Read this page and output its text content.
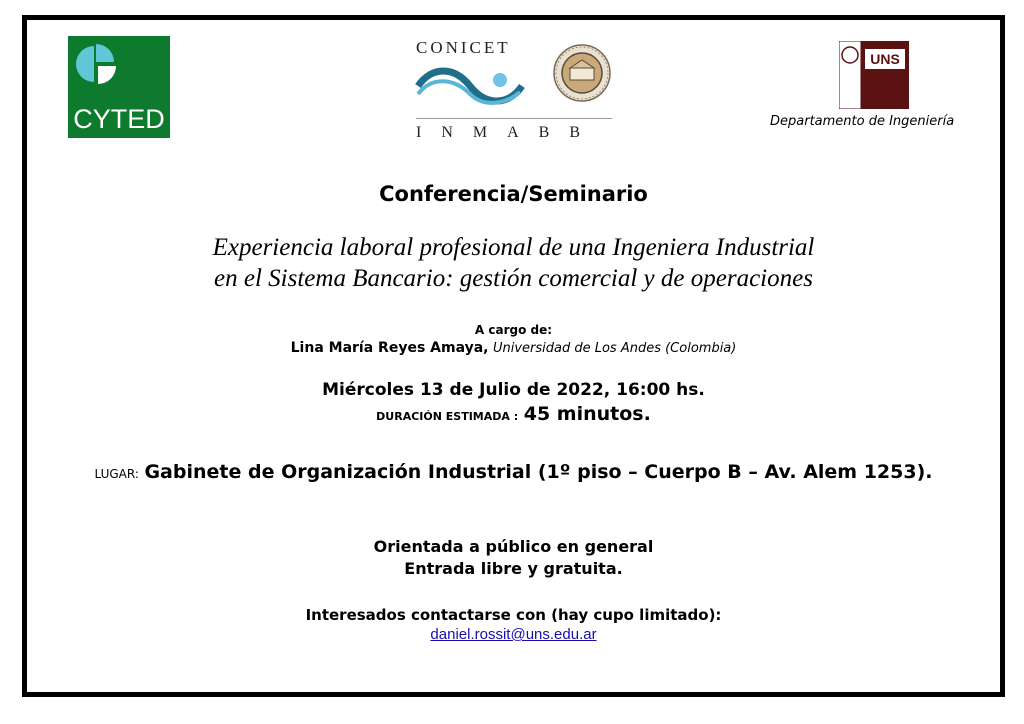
CYTED
CONICET
INMABB
UNS
Departamento de Ingeniería
Conferencia/Seminario
Experiencia laboral profesional de una Ingeniera Industrial
en el Sistema Bancario: gestión comercial y de operaciones
A cargo de:
Lina María Reyes Amaya, Universidad de Los Andes (Colombia)
Miércoles 13 de Julio de 2022, 16:00 hs.
DURACIÓN ESTIMADA : 45 minutos.
LUGAR: Gabinete de Organización Industrial (1º piso – Cuerpo B – Av. Alem 1253).
Orientada a público en general
Entrada libre y gratuita.
Interesados contactarse con (hay cupo limitado):
daniel.rossit@uns.edu.ar
